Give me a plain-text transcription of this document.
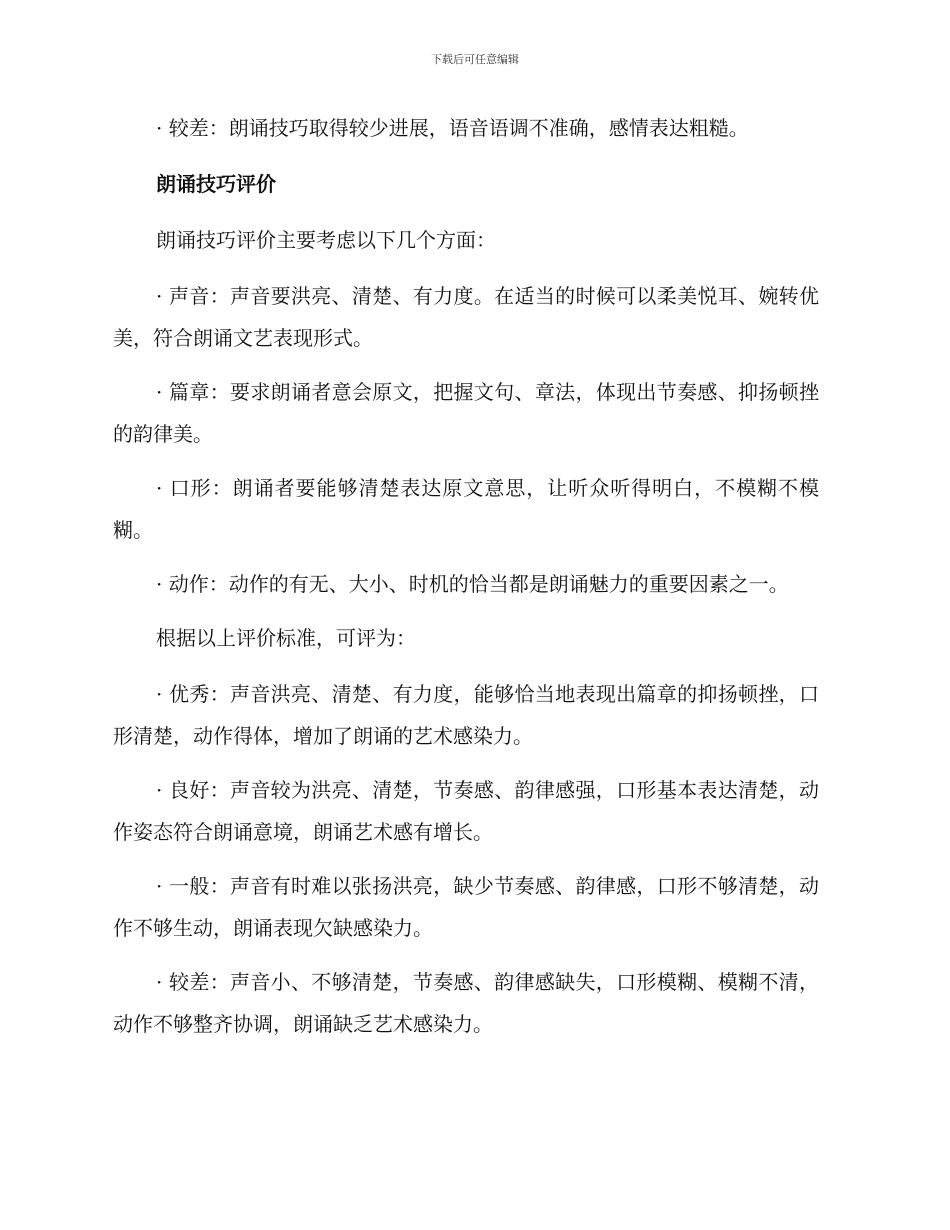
下载后可任意编辑

· 较差：朗诵技巧取得较少进展，语音语调不准确，感情表达粗糙。

朗诵技巧评价

朗诵技巧评价主要考虑以下几个方面：

· 声音：声音要洪亮、清楚、有力度。在适当的时候可以柔美悦耳、婉转优美，符合朗诵文艺表现形式。

· 篇章：要求朗诵者意会原文，把握文句、章法，体现出节奏感、抑扬顿挫的韵律美。

· 口形：朗诵者要能够清楚表达原文意思，让听众听得明白，不模糊不模糊。

· 动作：动作的有无、大小、时机的恰当都是朗诵魅力的重要因素之一。

根据以上评价标准，可评为：

· 优秀：声音洪亮、清楚、有力度，能够恰当地表现出篇章的抑扬顿挫，口形清楚，动作得体，增加了朗诵的艺术感染力。

· 良好：声音较为洪亮、清楚，节奏感、韵律感强，口形基本表达清楚，动作姿态符合朗诵意境，朗诵艺术感有增长。

· 一般：声音有时难以张扬洪亮，缺少节奏感、韵律感，口形不够清楚，动作不够生动，朗诵表现欠缺感染力。

· 较差：声音小、不够清楚，节奏感、韵律感缺失，口形模糊、模糊不清，动作不够整齐协调，朗诵缺乏艺术感染力。
